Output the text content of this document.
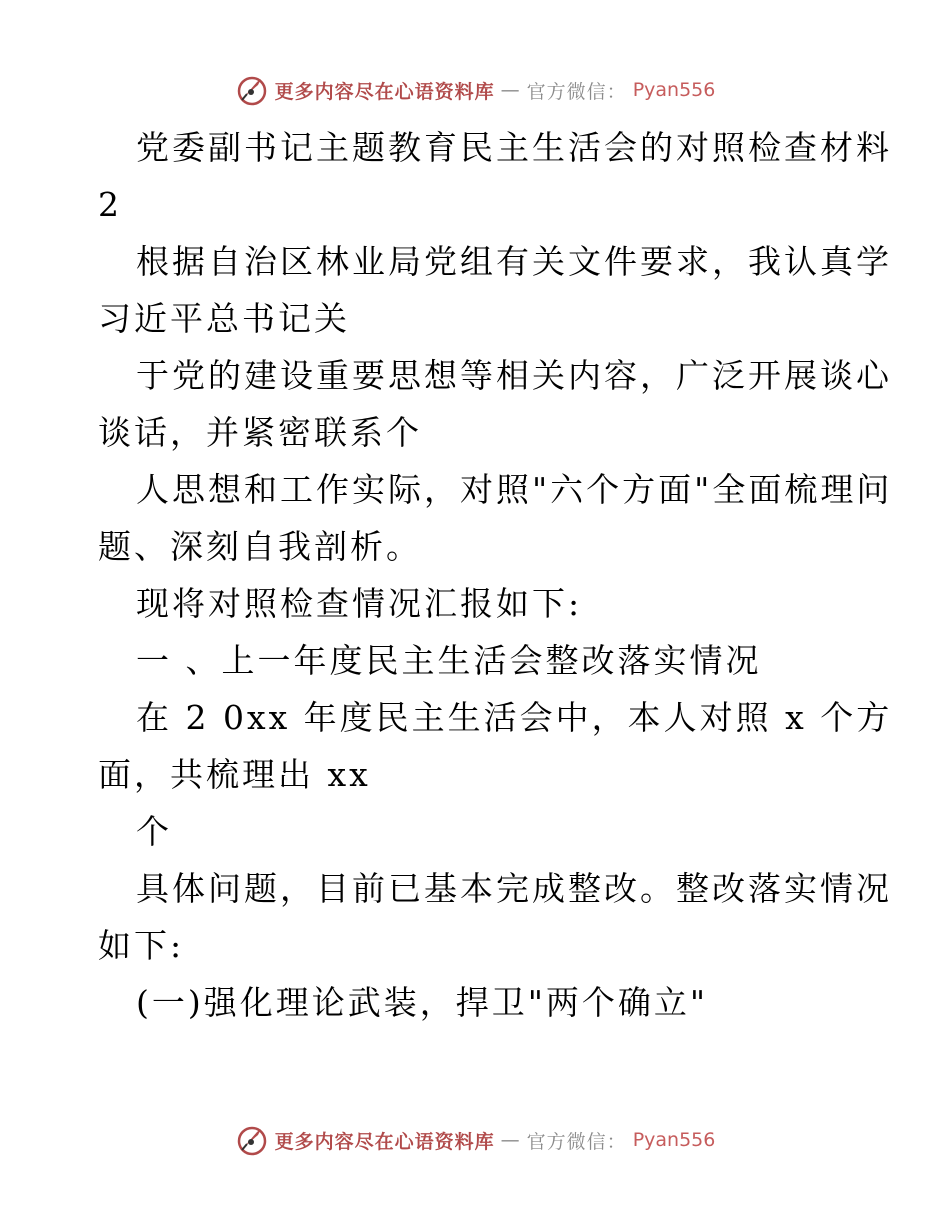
更多内容尽在心语资料库 — 官方微信： Pyan556
党委副书记主题教育民主生活会的对照检查材料
2
根据自治区林业局党组有关文件要求，我认真学
习近平总书记关
于党的建设重要思想等相关内容，广泛开展谈心
谈话，并紧密联系个
人思想和工作实际，对照"六个方面"全面梳理问
题、深刻自我剖析。
现将对照检查情况汇报如下:
一 、上一年度民主生活会整改落实情况
在 2 0xx 年度民主生活会中，本人对照 x 个方
面，共梳理出 xx
个
具体问题，目前已基本完成整改。整改落实情况
如下:
(一)强化理论武装，捍卫"两个确立"
更多内容尽在心语资料库 — 官方微信： Pyan556
